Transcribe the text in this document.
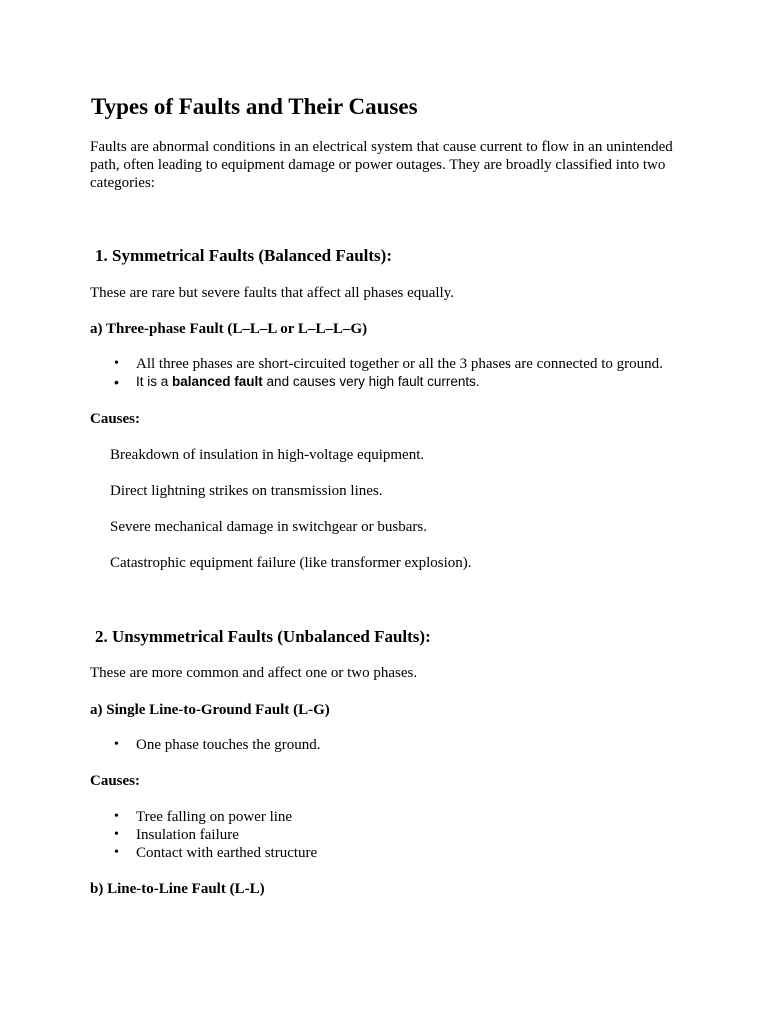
Types of Faults and Their Causes

Faults are abnormal conditions in an electrical system that cause current to flow in an unintended path, often leading to equipment damage or power outages. They are broadly classified into two categories:

1. Symmetrical Faults (Balanced Faults):

These are rare but severe faults that affect all phases equally.

a) Three-phase Fault (L–L–L or L–L–L–G)

• All three phases are short-circuited together or all the 3 phases are connected to ground.
• It is a balanced fault and causes very high fault currents.

Causes:

Breakdown of insulation in high-voltage equipment.

Direct lightning strikes on transmission lines.

Severe mechanical damage in switchgear or busbars.

Catastrophic equipment failure (like transformer explosion).

2. Unsymmetrical Faults (Unbalanced Faults):

These are more common and affect one or two phases.

a) Single Line-to-Ground Fault (L-G)

• One phase touches the ground.

Causes:

• Tree falling on power line
• Insulation failure
• Contact with earthed structure

b) Line-to-Line Fault (L-L)
